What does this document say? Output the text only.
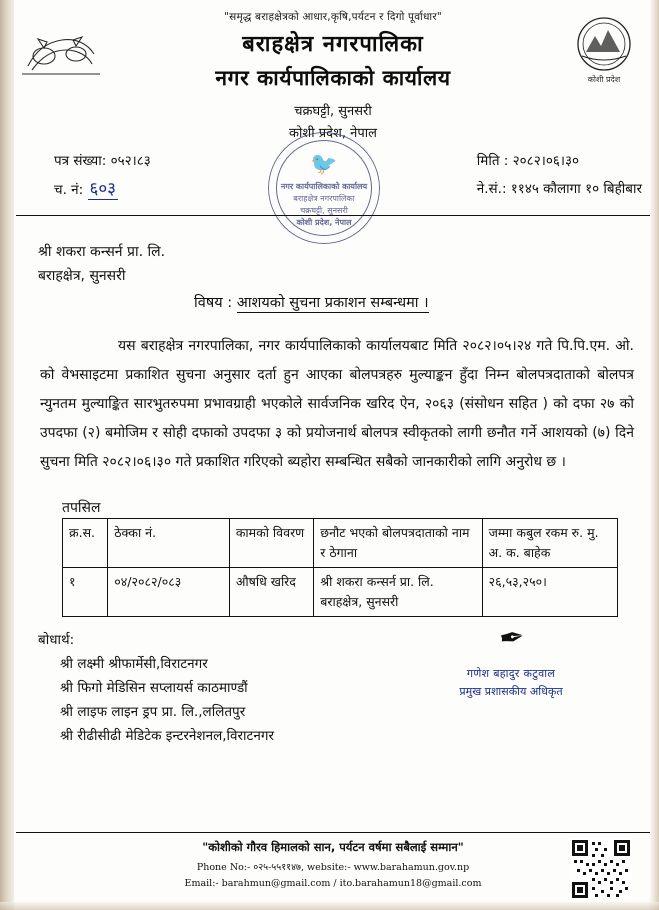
कोशी प्रदेश
"समृद्ध बराहक्षेत्रको आधार,कृषि,पर्यटन र दिगो पूर्वाधार"
बराहक्षेत्र नगरपालिका
नगर कार्यपालिकाको कार्यालय
चक्रघट्टी, सुनसरी
कोशी प्रदेश, नेपाल
पत्र संख्या: ०५२।८३
च. नं: ६०३
मिति : २०८२।०६।३०
ने.सं.: ११४५ कौलागा १० बिहीबार
🐦
नगर कार्यपालिकाको कार्यालय
बराहक्षेत्र नगरपालिका
चक्रघट्टी, सुनसरी
कोशी प्रदेश, नेपाल
श्री शकरा कन्सर्न प्रा. लि.
बराहक्षेत्र, सुनसरी
विषय : आशयको सुचना प्रकाशन सम्बन्धमा ।

यस बराहक्षेत्र नगरपालिका, नगर कार्यपालिकाको कार्यालयबाट मिति २०८२।०५।२४ गते पि.पि.एम. ओ. को वेभसाइटमा प्रकाशित सुचना अनुसार दर्ता हुन आएका बोलपत्रहरु मुल्याङ्कन हुँदा निम्न बोलपत्रदाताको बोलपत्र न्युनतम मुल्याङ्कित सारभुतरुपमा प्रभावग्राही भएकोले सार्वजनिक खरिद ऐन, २०६३ (संसोधन सहित ) को दफा २७ को उपदफा (२) बमोजिम र सोही दफाको उपदफा ३ को प्रयोजनार्थ बोलपत्र स्वीकृतको लागी छनौत गर्ने आशयको (७) दिने सुचना मिति २०८२।०६।३० गते प्रकाशित गरिएको ब्यहोरा सम्बन्धित सबैको जानकारीको लागि अनुरोध छ ।

तपसिल
क्र.स.	ठेक्का नं.	कामको विवरण	छनौट भएको बोलपत्रदाताको नाम र ठेगाना	जम्मा कबुल रकम रु. मु. अ. क. बाहेक
१	०४/२०८२/०८३	औषधि खरिद	श्री शकरा कन्सर्न प्रा. लि. बराहक्षेत्र, सुनसरी	२६,५३,२५०।
बोधार्थ:
श्री लक्ष्मी श्रीफार्मेसी,विराटनगर
श्री फिगो मेडिसिन सप्लायर्स काठमाण्डौं
श्री लाइफ लाइन ड्रप प्रा. लि.,ललितपुर
श्री रीढीसीढी मेडिटेक इन्टरनेशनल,विराटनगर
✒
गणेश बहादुर कटुवाल
प्रमुख प्रशासकीय अधिकृत
"कोशीको गौरव हिमालको सान, पर्यटन वर्षमा सबैलाई सम्मान"
Phone No:- ०२५-५५११४७, website:- www.barahamun.gov.np
Email:- barahmun@gmail.com / ito.barahamun18@gmail.com
